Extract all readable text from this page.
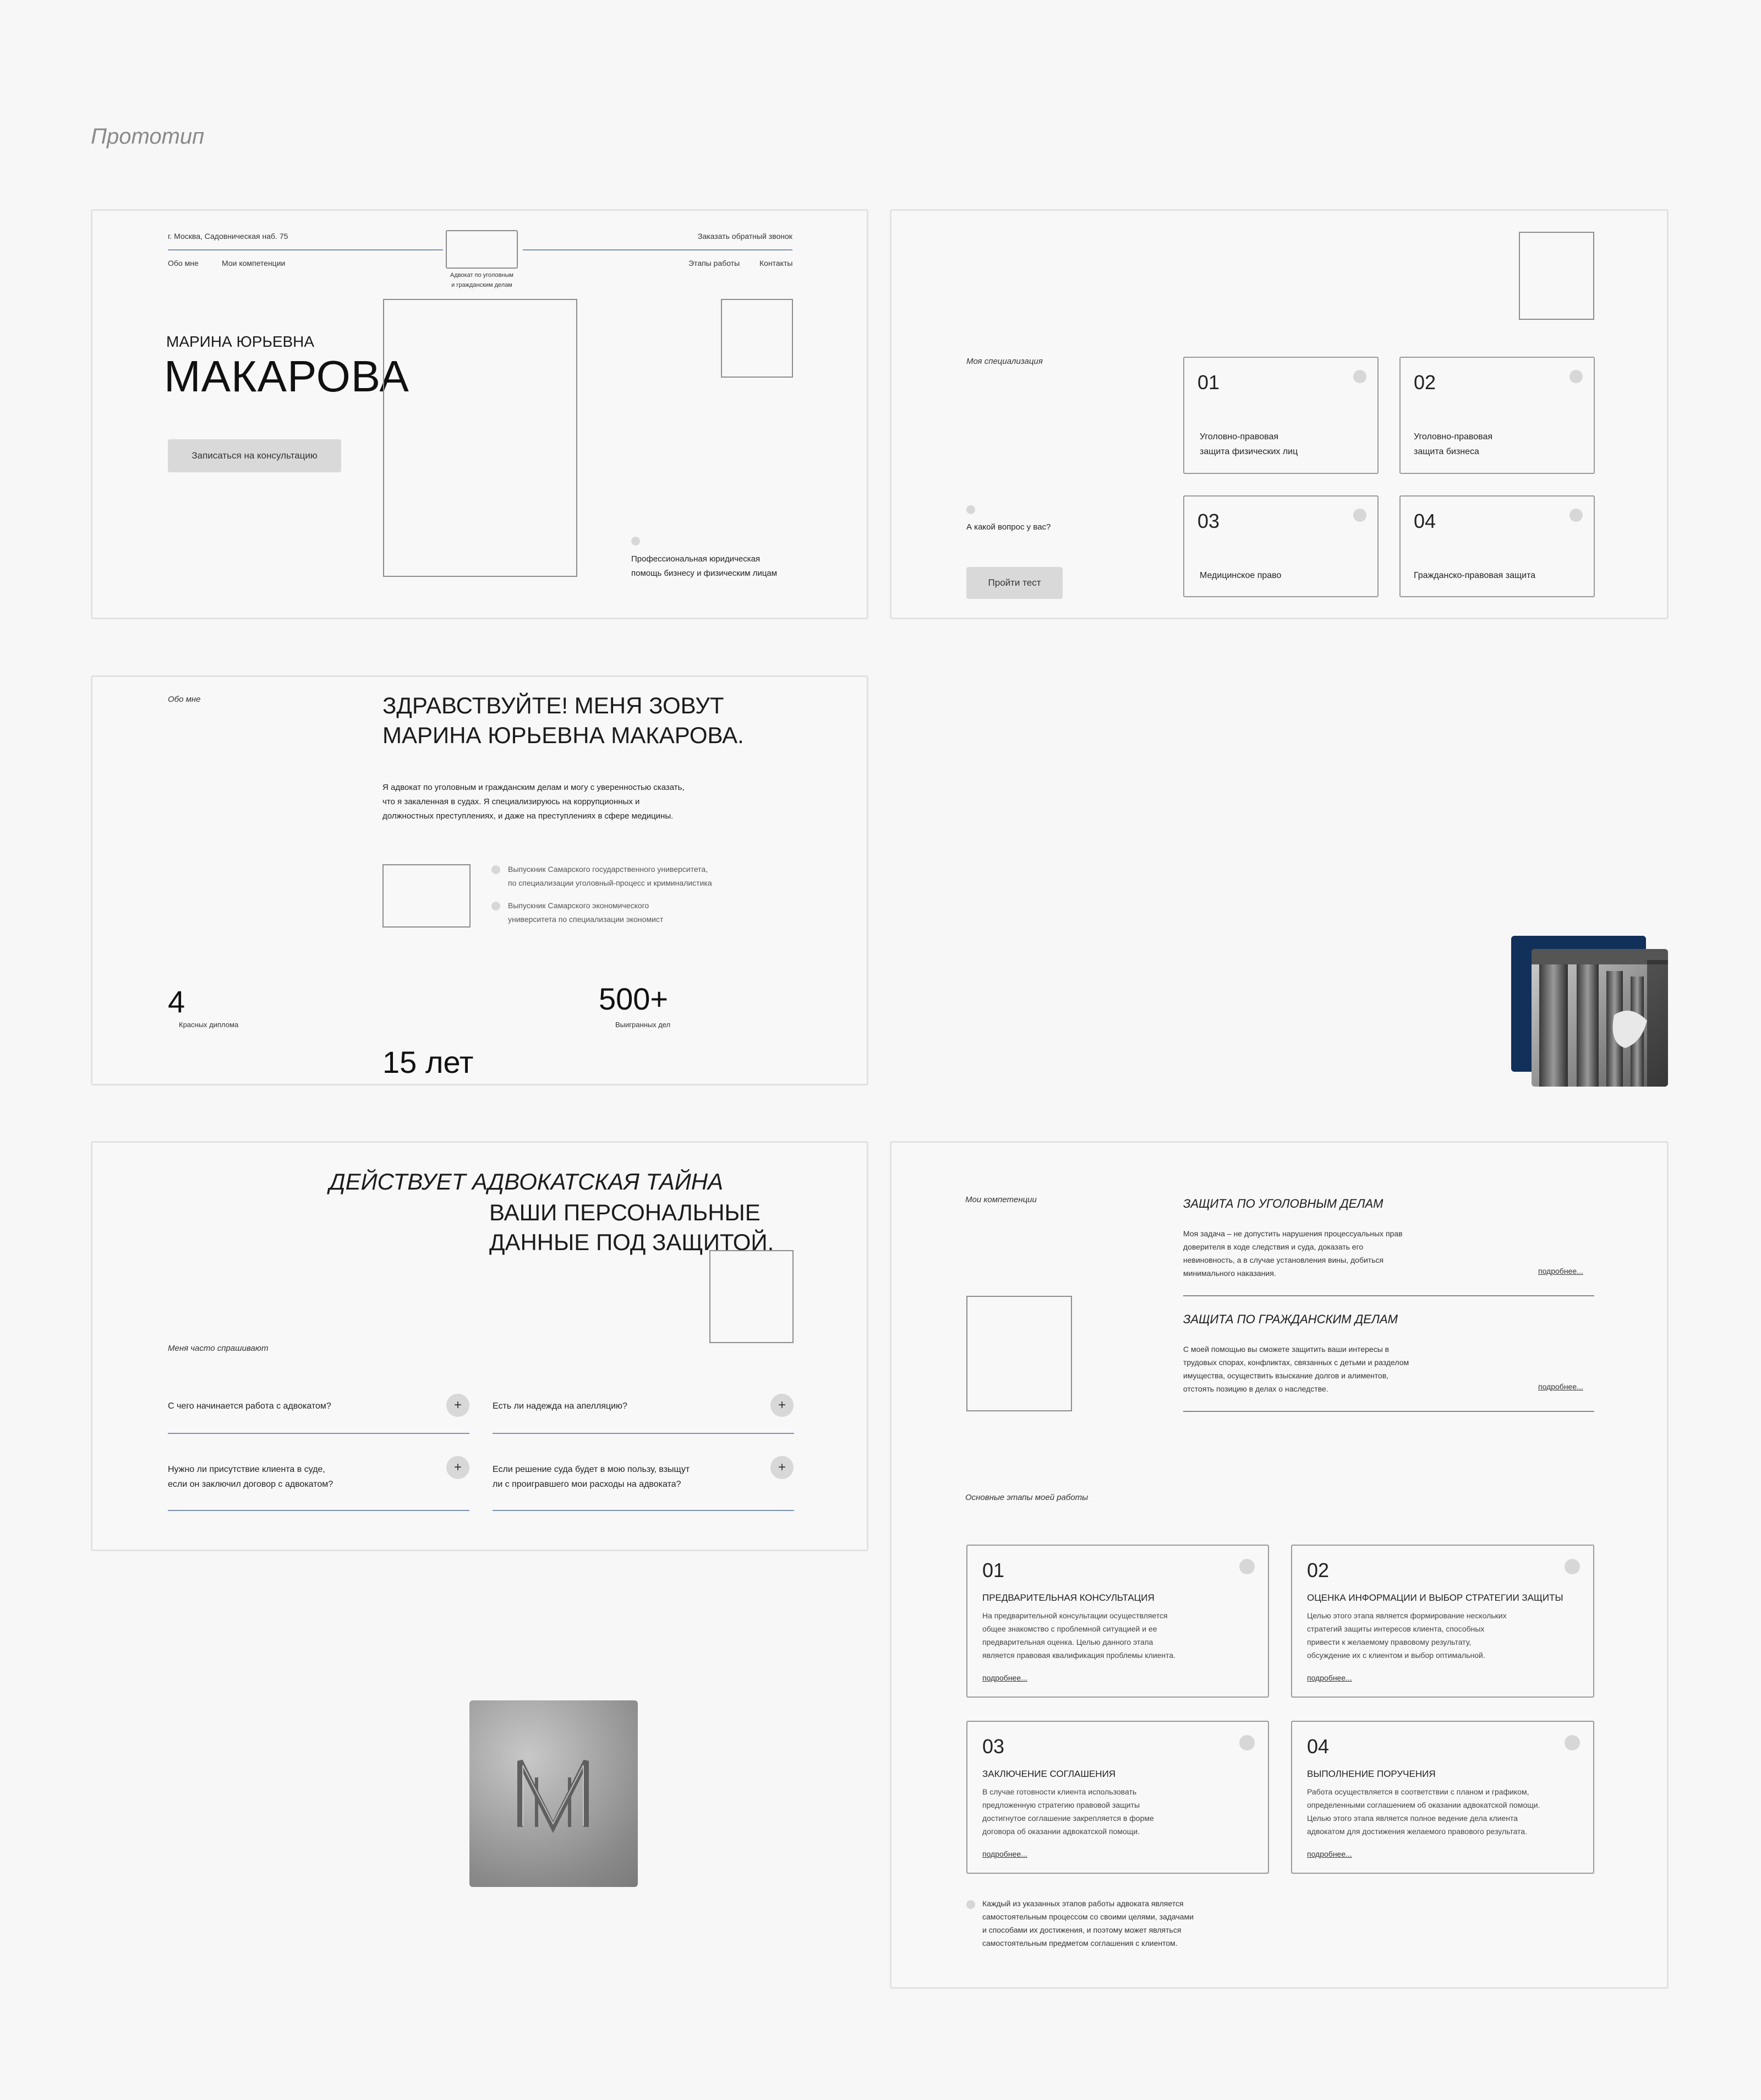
Прототип
г. Москва, Садовническая наб. 75	Заказать обратный звонок
Обо мне	Мои компетенции	Этапы работы	Контакты
Адвокат по уголовным
и гражданским делам
МАРИНА ЮРЬЕВНА
МАКАРОВА
Записаться на консультацию
Профессиональная юридическая
помощь бизнесу и физическим лицам
Моя специализация
А какой вопрос у вас?
Пройти тест
01
Уголовно-правовая
защита физических лиц
02
Уголовно-правовая
защита бизнеса
03
Медицинское право
04
Гражданско-правовая защита
Обо мне	ЗДРАВСТВУЙТЕ! МЕНЯ ЗОВУТ
МАРИНА ЮРЬЕВНА МАКАРОВА.
Я адвокат по уголовным и гражданским делам и могу с уверенностью сказать,
что я закаленная в судах. Я специализируюсь на коррупционных и
должностных преступлениях, и даже на преступлениях в сфере медицины.
Выпускник Самарского государственного университета,
по специализации уголовный-процесс и криминалистика
Выпускник Самарского экономического
университета по специализации экономист
4
Красных диплома
500+
Выигранных дел
15 лет
ДЕЙСТВУЕТ АДВОКАТСКАЯ ТАЙНА
ВАШИ ПЕРСОНАЛЬНЫЕ
ДАННЫЕ ПОД ЗАЩИТОЙ.
Меня часто спрашивают
С чего начинается работа с адвокатом?	+	Есть ли надежда на апелляцию?	+
Нужно ли присутствие клиента в суде,
если он заключил договор с адвокатом?
+	Если решение суда будет в мою пользу, взыщут
ли с проигравшего мои расходы на адвоката?
+
Мои компетенции	ЗАЩИТА ПО УГОЛОВНЫМ ДЕЛАМ
Моя задача – не допустить нарушения процессуальных прав
доверителя в ходе следствия и суда, доказать его
невиновность, а в случае установления вины, добиться
минимального наказания.	подробнее...
ЗАЩИТА ПО ГРАЖДАНСКИМ ДЕЛАМ
С моей помощью вы сможете защитить ваши интересы в
трудовых спорах, конфликтах, связанных с детьми и разделом
имущества, осуществить взыскание долгов и алиментов,
отстоять позицию в делах о наследстве.	подробнее...
Основные этапы моей работы
01
ПРЕДВАРИТЕЛЬНАЯ КОНСУЛЬТАЦИЯ
На предварительной консультации осуществляется
общее знакомство с проблемной ситуацией и ее
предварительная оценка. Целью данного этапа
является правовая квалификация проблемы клиента.
подробнее...
02
ОЦЕНКА ИНФОРМАЦИИ И ВЫБОР СТРАТЕГИИ ЗАЩИТЫ
Целью этого этапа является формирование нескольких
стратегий защиты интересов клиента, способных
привести к желаемому правовому результату,
обсуждение их с клиентом и выбор оптимальной.
подробнее...
03
ЗАКЛЮЧЕНИЕ СОГЛАШЕНИЯ
В случае готовности клиента использовать
предложенную стратегию правовой защиты
достигнутое соглашение закрепляется в форме
договора об оказании адвокатской помощи.
подробнее...
04
ВЫПОЛНЕНИЕ ПОРУЧЕНИЯ
Работа осуществляется в соответствии с планом и графиком,
определенными соглашением об оказании адвокатской помощи.
Целью этого этапа является полное ведение дела клиента
адвокатом для достижения желаемого правового результата.
подробнее...
Каждый из указанных этапов работы адвоката является
самостоятельным процессом со своими целями, задачами
и способами их достижения, и поэтому может являться
самостоятельным предметом соглашения с клиентом.
